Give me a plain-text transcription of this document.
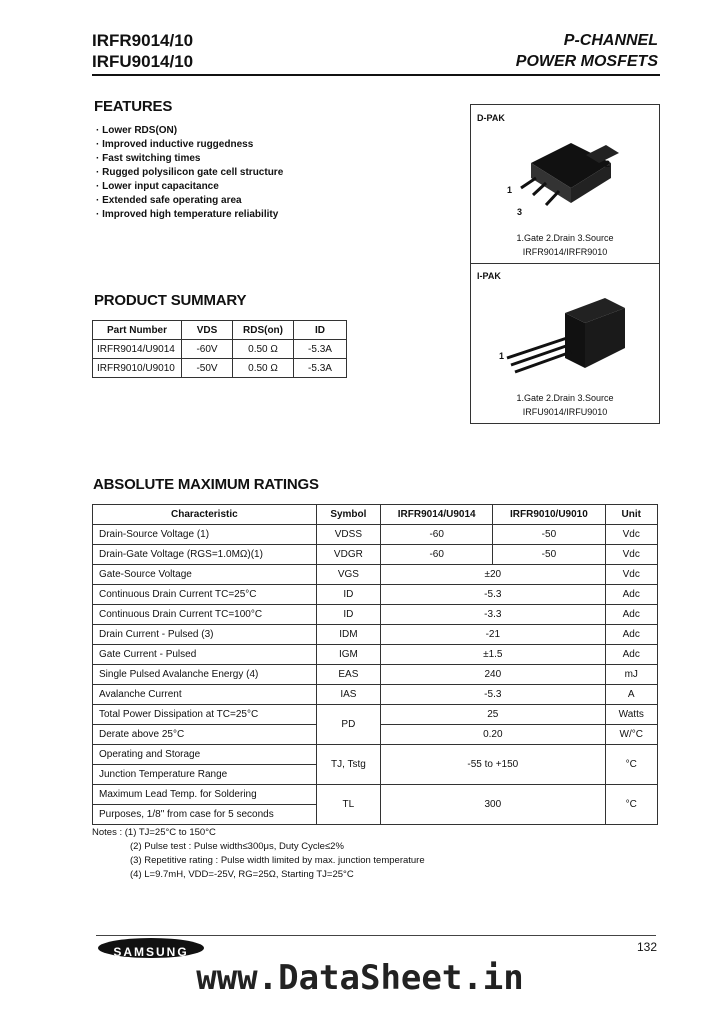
IRFR9014/10
IRFU9014/10
P-CHANNEL
POWER MOSFETS
FEATURES
· Lower RDS(ON)
· Improved inductive ruggedness
· Fast switching times
· Rugged polysilicon gate cell structure
· Lower input capacitance
· Extended safe operating area
· Improved high temperature reliability
D-PAK
2
1
3
1.Gate 2.Drain 3.Source
IRFR9014/IRFR9010
I-PAK
1
1.Gate 2.Drain 3.Source
IRFU9014/IRFU9010
PRODUCT SUMMARY
Part Number	VDS	RDS(on)	ID
IRFR9014/U9014	-60V	0.50 Ω	-5.3A
IRFR9010/U9010	-50V	0.50 Ω	-5.3A
ABSOLUTE MAXIMUM RATINGS
Characteristic	Symbol	IRFR9014/U9014	IRFR9010/U9010	Unit
Drain-Source Voltage (1)	VDSS	-60	-50	Vdc
Drain-Gate Voltage (RGS=1.0MΩ)(1)	VDGR	-60	-50	Vdc
Gate-Source Voltage	VGS	±20		Vdc
Continuous Drain Current TC=25°C	ID	-5.3		Adc
Continuous Drain Current TC=100°C	ID	-3.3		Adc
Drain Current - Pulsed (3)	IDM	-21		Adc
Gate Current - Pulsed	IGM	±1.5		Adc
Single Pulsed Avalanche Energy (4)	EAS	240		mJ
Avalanche Current	IAS	-5.3		A
Total Power Dissipation at TC=25°C	PD	25		Watts
Derate above 25°C		0.20		W/°C
Operating and Storage	TJ, Tstg	-55 to +150		°C
Junction Temperature Range				
Maximum Lead Temp. for Soldering	TL	300		°C
Purposes, 1/8" from case for 5 seconds				
Notes : (1) TJ=25°C to 150°C
(2) Pulse test : Pulse width≤300μs, Duty Cycle≤2%
(3) Repetitive rating : Pulse width limited by max. junction temperature
(4) L=9.7mH, VDD=-25V, RG=25Ω, Starting TJ=25°C
SAMSUNG	132
www.DataSheet.in
